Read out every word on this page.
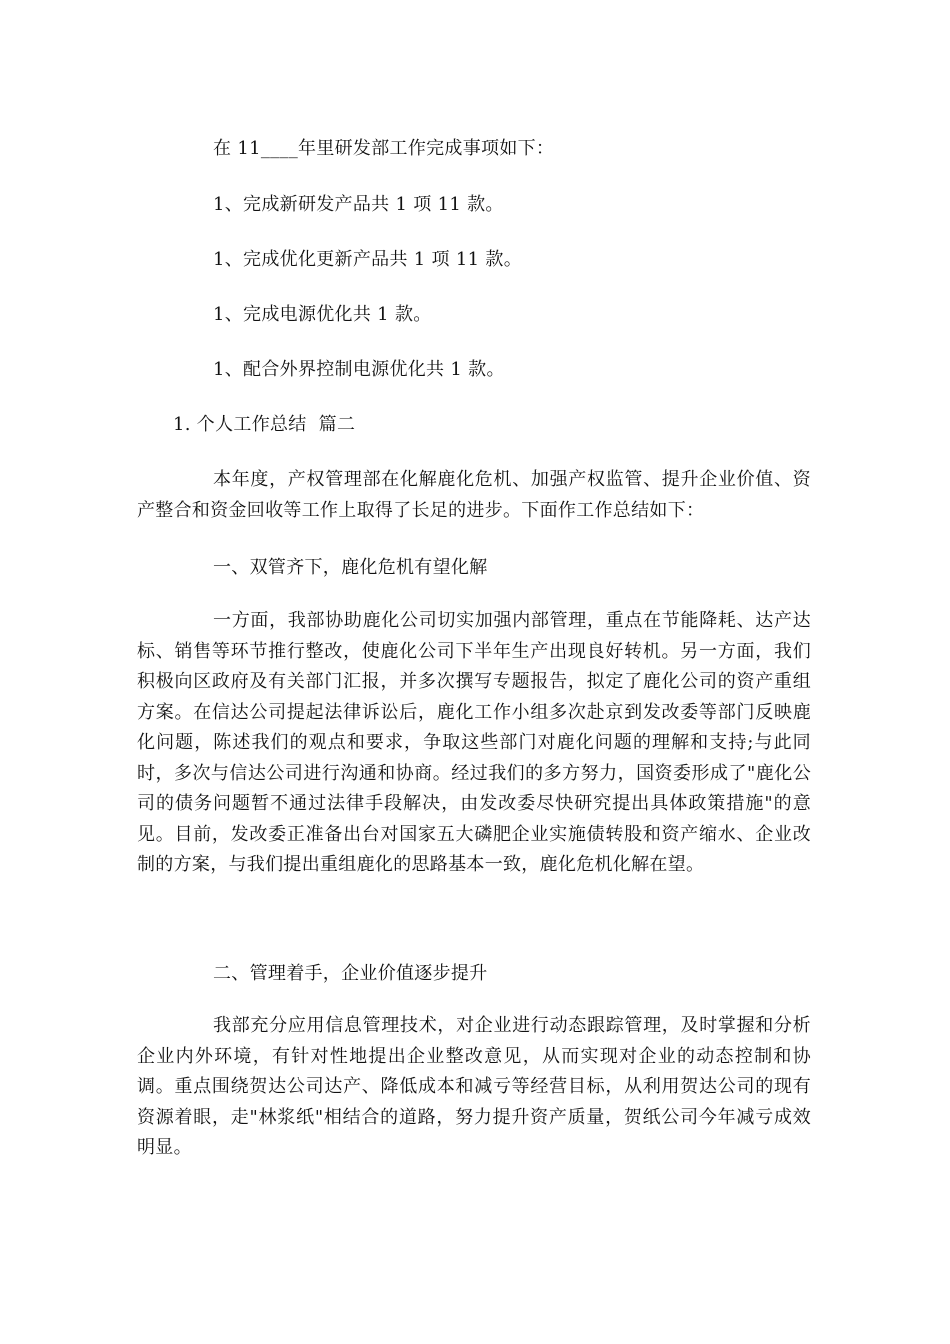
在 11____年里研发部工作完成事项如下：
1、完成新研发产品共 1 项 11 款。
1、完成优化更新产品共 1 项 11 款。
1、完成电源优化共 1 款。
1、配合外界控制电源优化共 1 款。
1. 个人工作总结  篇二
本年度，产权管理部在化解鹿化危机、加强产权监管、提升企业价值、资产整合和资金回收等工作上取得了长足的进步。下面作工作总结如下：
一、双管齐下，鹿化危机有望化解
一方面，我部协助鹿化公司切实加强内部管理，重点在节能降耗、达产达标、销售等环节推行整改，使鹿化公司下半年生产出现良好转机。另一方面，我们积极向区政府及有关部门汇报，并多次撰写专题报告，拟定了鹿化公司的资产重组方案。在信达公司提起法律诉讼后，鹿化工作小组多次赴京到发改委等部门反映鹿化问题，陈述我们的观点和要求，争取这些部门对鹿化问题的理解和支持;与此同时，多次与信达公司进行沟通和协商。经过我们的多方努力，国资委形成了"鹿化公司的债务问题暂不通过法律手段解决，由发改委尽快研究提出具体政策措施"的意见。目前，发改委正准备出台对国家五大磷肥企业实施债转股和资产缩水、企业改制的方案，与我们提出重组鹿化的思路基本一致，鹿化危机化解在望。
二、管理着手，企业价值逐步提升
我部充分应用信息管理技术，对企业进行动态跟踪管理，及时掌握和分析企业内外环境，有针对性地提出企业整改意见，从而实现对企业的动态控制和协调。重点围绕贺达公司达产、降低成本和减亏等经营目标，从利用贺达公司的现有资源着眼，走"林浆纸"相结合的道路，努力提升资产质量，贺纸公司今年减亏成效明显。
